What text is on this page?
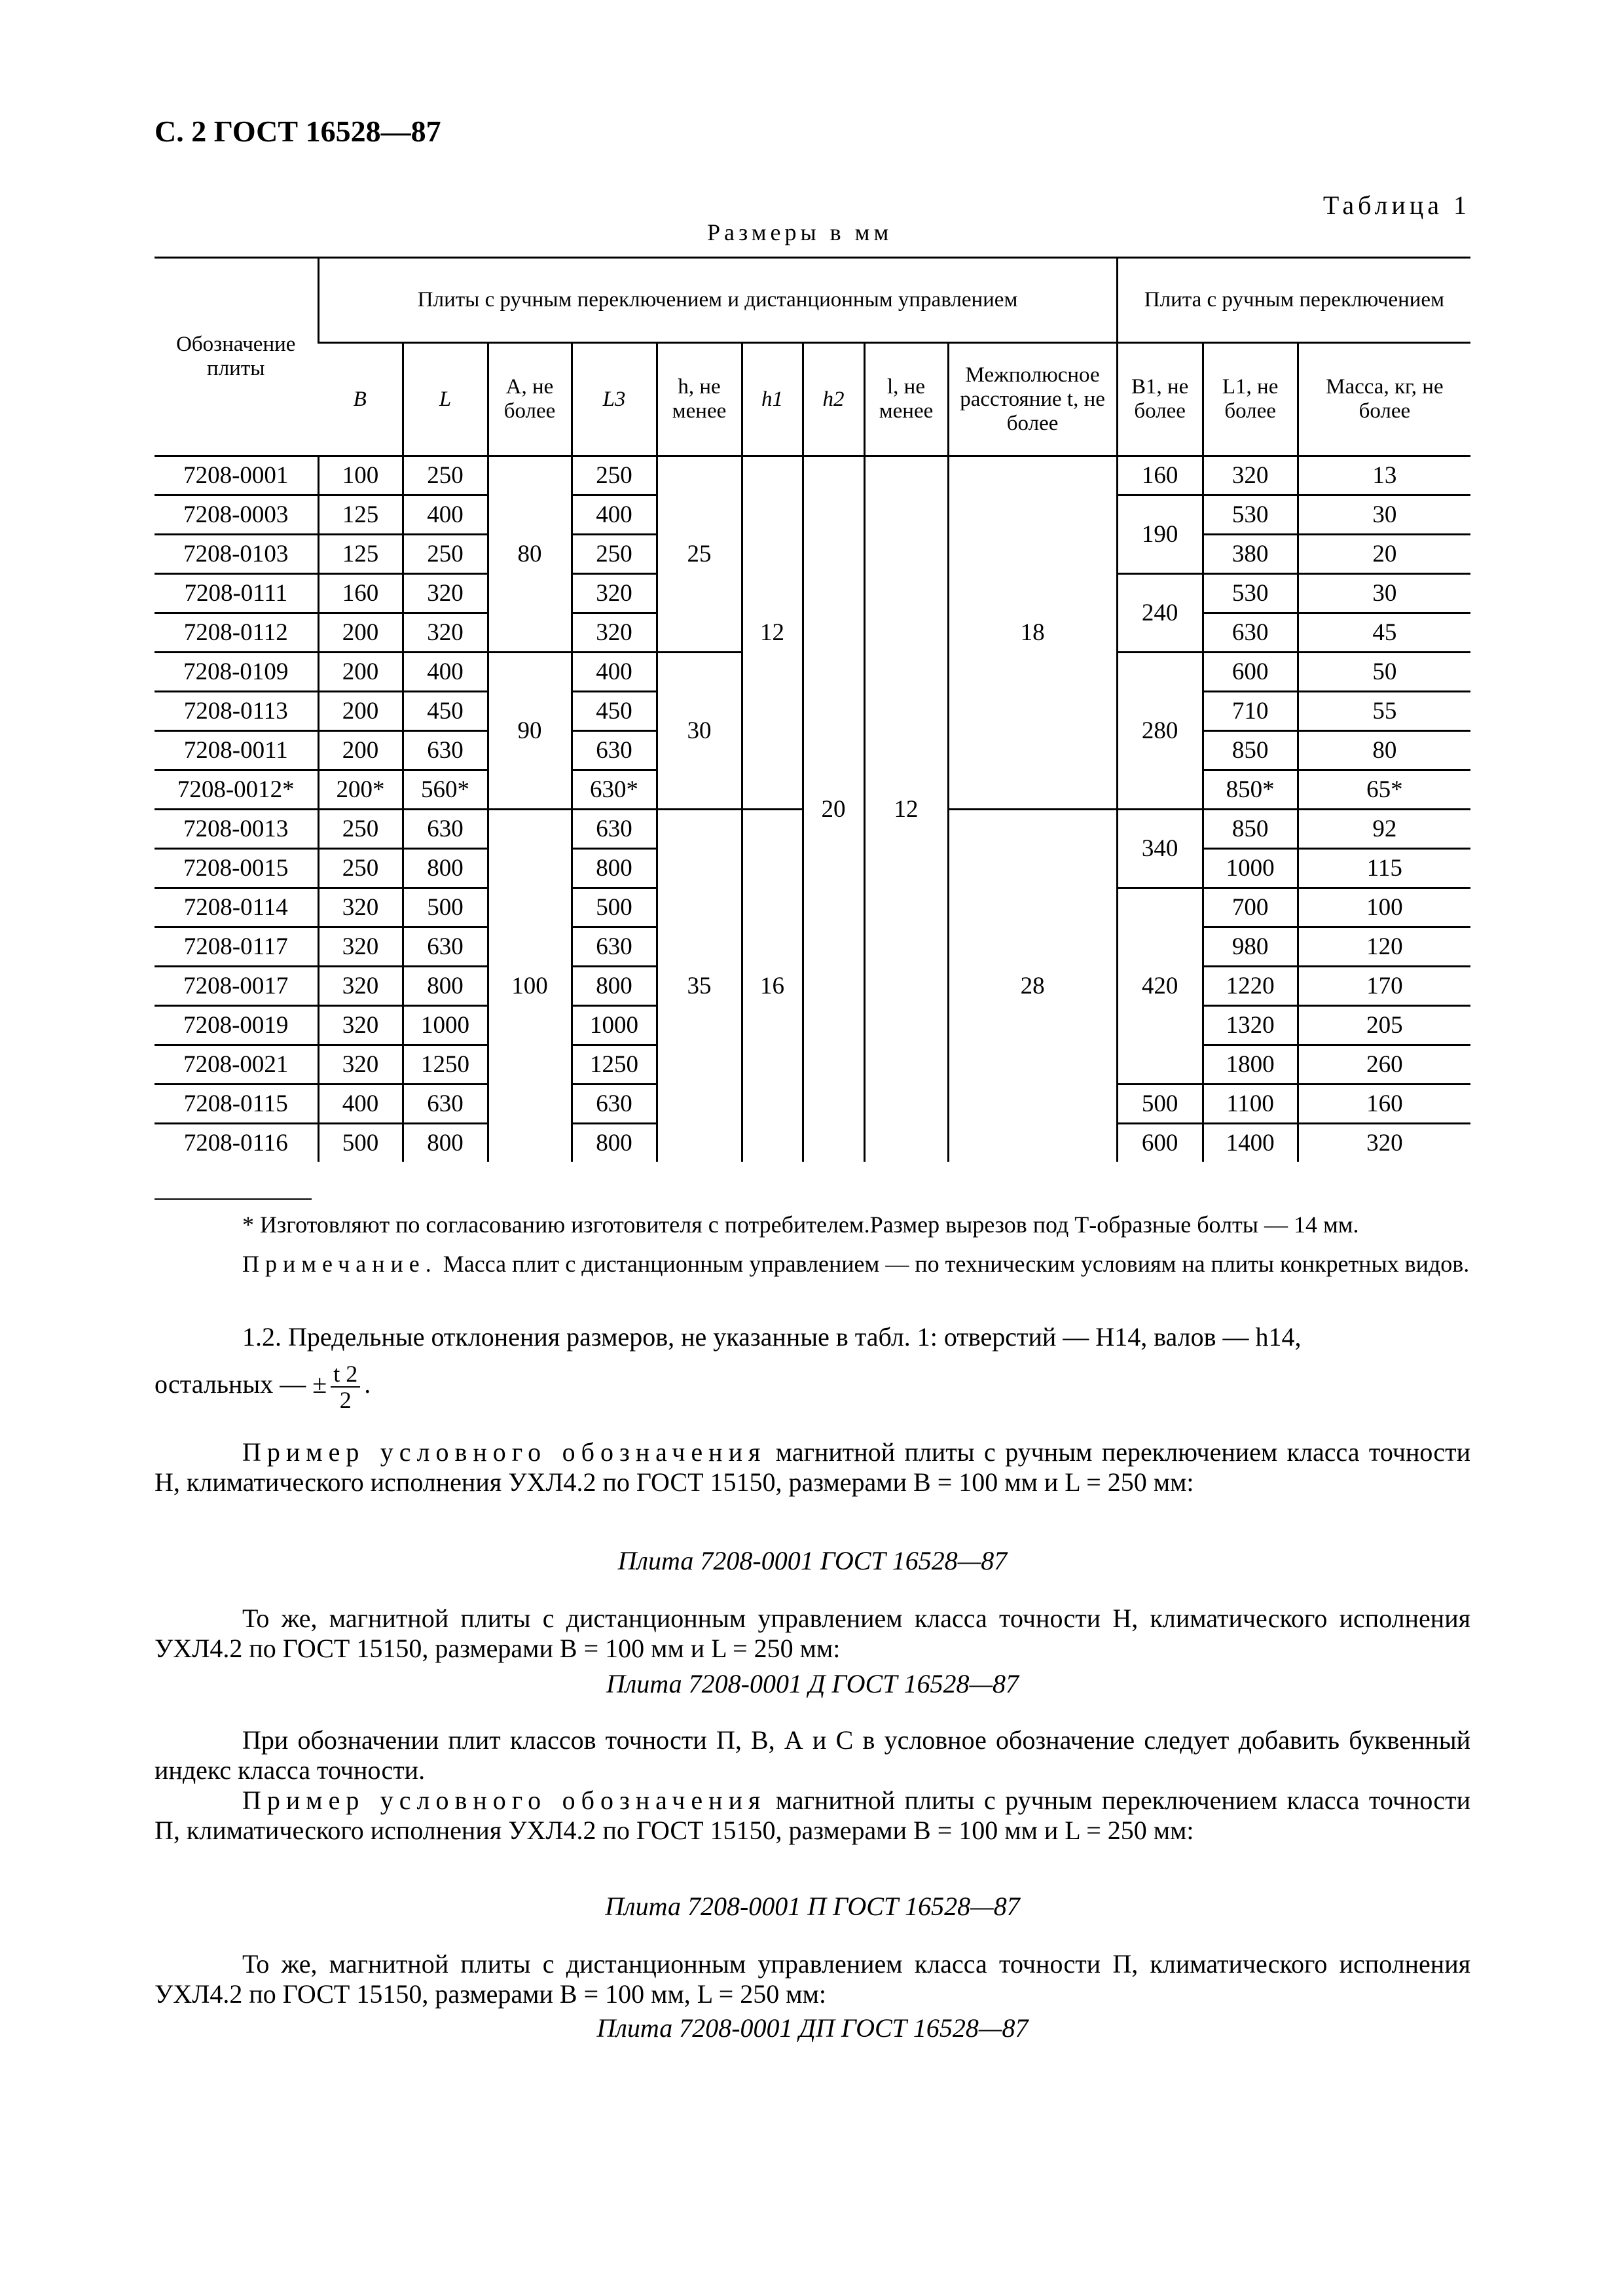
С. 2 ГОСТ 16528—87
Таблица 1
Размеры в мм
Обозначение плиты	Плиты с ручным переключением и дистанционным управлением									Плита с ручным переключением		
	B	L	A, не более	L3	h, не менее	h1	h2	l, не менее	Межполюсное расстояние t, не более	B1, не более	L1, не более	Масса, кг, не более
7208-0001	100	250	80	250	25	12	20	12	18	160	320	13
7208-0003	125	400		400						190	530	30
7208-0103	125	250		250							380	20
7208-0111	160	320		320						240	530	30
7208-0112	200	320		320							630	45
7208-0109	200	400	90	400	30					280	600	50
7208-0113	200	450		450							710	55
7208-0011	200	630		630							850	80
7208-0012*	200*	560*		630*							850*	65*
7208-0013	250	630	100	630	35	16			28	340	850	92
7208-0015	250	800		800							1000	115
7208-0114	320	500		500						420	700	100
7208-0117	320	630		630							980	120
7208-0017	320	800		800							1220	170
7208-0019	320	1000		1000							1320	205
7208-0021	320	1250		1250							1800	260
7208-0115	400	630		630						500	1100	160
7208-0116	500	800		800						600	1400	320
* Изготовляют по согласованию изготовителя с потребителем.Размер вырезов под Т-образные болты — 14 мм.
Примечание. Масса плит с дистанционным управлением — по техническим условиям на плиты конкретных видов.
1.2. Предельные отклонения размеров, не указанные в табл. 1: отверстий — Н14, валов — h14,
остальных — ± $\frac{t 2}{2}$ .
Пример условного обозначения магнитной плиты с ручным переключением класса точности Н, климатического исполнения УХЛ4.2 по ГОСТ 15150, размерами B = 100 мм и L = 250 мм:
Плита 7208-0001 ГОСТ 16528—87
То же, магнитной плиты с дистанционным управлением класса точности Н, климатического исполнения УХЛ4.2 по ГОСТ 15150, размерами B = 100 мм и L = 250 мм:
Плита 7208-0001 Д ГОСТ 16528—87
При обозначении плит классов точности П, В, А и С в условное обозначение следует добавить буквенный индекс класса точности.
Пример условного обозначения магнитной плиты с ручным переключением класса точности П, климатического исполнения УХЛ4.2 по ГОСТ 15150, размерами B = 100 мм и L = 250 мм:
Плита 7208-0001 П ГОСТ 16528—87
То же, магнитной плиты с дистанционным управлением класса точности П, климатического исполнения УХЛ4.2 по ГОСТ 15150, размерами B = 100 мм, L = 250 мм:
Плита 7208-0001 ДП ГОСТ 16528—87
